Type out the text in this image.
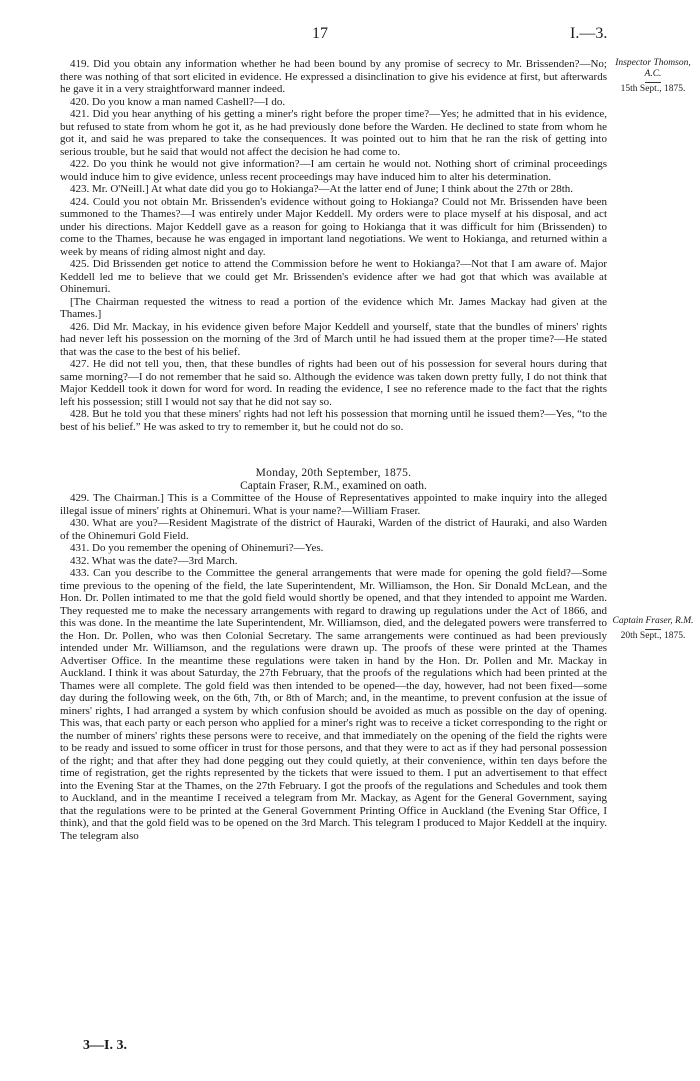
17	I.—3.
Inspector Thomson, A.C.
15th Sept., 1875.
Captain Fraser, R.M.
20th Sept., 1875.

419. Did you obtain any information whether he had been bound by any promise of secrecy to Mr. Brissenden?—No; there was nothing of that sort elicited in evidence. He expressed a disinclination to give his evidence at first, but afterwards he gave it in a very straightforward manner indeed.

420. Do you know a man named Cashell?—I do.

421. Did you hear anything of his getting a miner's right before the proper time?—Yes; he admitted that in his evidence, but refused to state from whom he got it, as he had previously done before the Warden. He declined to state from whom he got it, and said he was prepared to take the consequences. It was pointed out to him that he ran the risk of getting into serious trouble, but he said that would not affect the decision he had come to.

422. Do you think he would not give information?—I am certain he would not. Nothing short of criminal proceedings would induce him to give evidence, unless recent proceedings may have induced him to alter his determination.

423. Mr. O'Neill.] At what date did you go to Hokianga?—At the latter end of June; I think about the 27th or 28th.

424. Could you not obtain Mr. Brissenden's evidence without going to Hokianga? Could not Mr. Brissenden have been summoned to the Thames?—I was entirely under Major Keddell. My orders were to place myself at his disposal, and act under his directions. Major Keddell gave as a reason for going to Hokianga that it was difficult for him (Brissenden) to come to the Thames, because he was engaged in important land negotiations. We went to Hokianga, and returned within a week by means of riding almost night and day.

425. Did Brissenden get notice to attend the Commission before he went to Hokianga?—Not that I am aware of. Major Keddell led me to believe that we could get Mr. Brissenden's evidence after we had got that which was available at Ohinemuri.

[The Chairman requested the witness to read a portion of the evidence which Mr. James Mackay had given at the Thames.]

426. Did Mr. Mackay, in his evidence given before Major Keddell and yourself, state that the bundles of miners' rights had never left his possession on the morning of the 3rd of March until he had issued them at the proper time?—He stated that was the case to the best of his belief.

427. He did not tell you, then, that these bundles of rights had been out of his possession for several hours during that same morning?—I do not remember that he said so. Although the evidence was taken down pretty fully, I do not think that Major Keddell took it down for word for word. In reading the evidence, I see no reference made to the fact that the rights left his possession; still I would not say that he did not say so.

428. But he told you that these miners' rights had not left his possession that morning until he issued them?—Yes, “to the best of his belief.” He was asked to try to remember it, but he could not do so.

Monday, 20th September, 1875.

Captain Fraser, R.M., examined on oath.

429. The Chairman.] This is a Committee of the House of Representatives appointed to make inquiry into the alleged illegal issue of miners' rights at Ohinemuri. What is your name?—William Fraser.

430. What are you?—Resident Magistrate of the district of Hauraki, Warden of the district of Hauraki, and also Warden of the Ohinemuri Gold Field.

431. Do you remember the opening of Ohinemuri?—Yes.

432. What was the date?—3rd March.

433. Can you describe to the Committee the general arrangements that were made for opening the gold field?—Some time previous to the opening of the field, the late Superintendent, Mr. Williamson, the Hon. Sir Donald McLean, and the Hon. Dr. Pollen intimated to me that the gold field would shortly be opened, and that they intended to appoint me Warden. They requested me to make the necessary arrangements with regard to drawing up regulations under the Act of 1866, and this was done. In the meantime the late Superintendent, Mr. Williamson, died, and the delegated powers were transferred to the Hon. Dr. Pollen, who was then Colonial Secretary. The same arrangements were continued as had been previously intended under Mr. Williamson, and the regulations were drawn up. The proofs of these were printed at the Thames Advertiser Office. In the meantime these regulations were taken in hand by the Hon. Dr. Pollen and Mr. Mackay in Auckland. I think it was about Saturday, the 27th February, that the proofs of the regulations which had been printed at the Thames were all complete. The gold field was then intended to be opened—the day, however, had not been fixed—some day during the following week, on the 6th, 7th, or 8th of March; and, in the meantime, to prevent confusion at the issue of miners' rights, I had arranged a system by which confusion should be avoided as much as possible on the day of opening. This was, that each party or each person who applied for a miner's right was to receive a ticket corresponding to the right or the number of miners' rights these persons were to receive, and that immediately on the opening of the field the rights were to be ready and issued to some officer in trust for those persons, and that they were to act as if they had personal possession of the right; and that after they had done pegging out they could quietly, at their convenience, within ten days before the time of registration, get the rights represented by the tickets that were issued to them. I put an advertisement to that effect into the Evening Star at the Thames, on the 27th February. I got the proofs of the regulations and Schedules and took them to Auckland, and in the meantime I received a telegram from Mr. Mackay, as Agent for the General Government, saying that the regulations were to be printed at the General Government Printing Office in Auckland (the Evening Star Office, I think), and that the gold field was to be opened on the 3rd March. This telegram I produced to Major Keddell at the inquiry. The telegram also

3—I. 3.
